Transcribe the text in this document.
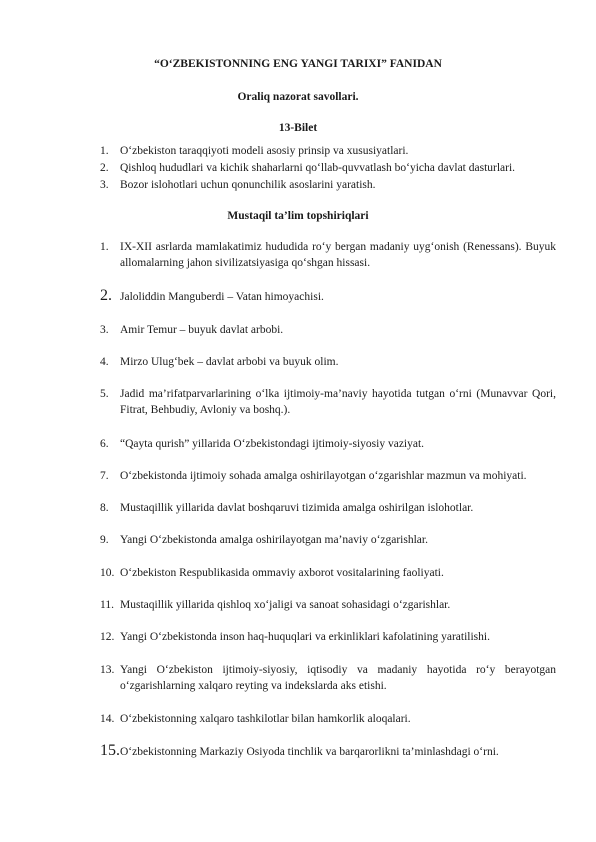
“O‘ZBEKISTONNING ENG YANGI TARIXI” FANIDAN
Oraliq nazorat savollari.
13-Bilet
1. O‘zbekiston taraqqiyoti modeli asosiy prinsip va xususiyatlari.
2. Qishloq hududlari va kichik shaharlarni qo‘llab-quvvatlash bo‘yicha davlat dasturlari.
3. Bozor islohotlari uchun qonunchilik asoslarini yaratish.
Mustaqil ta’lim topshiriqlari
1. IX-XII asrlarda mamlakatimiz hududida ro‘y bergan madaniy uyg‘onish (Renessans). Buyuk allomalarning jahon sivilizatsiyasiga qo‘shgan hissasi.
2. Jaloliddin Manguberdi – Vatan himoyachisi.
3. Amir Temur – buyuk davlat arbobi.
4. Mirzo Ulug‘bek – davlat arbobi va buyuk olim.
5. Jadid ma’rifatparvarlarining o‘lka ijtimoiy-ma’naviy hayotida tutgan o‘rni (Munavvar Qori, Fitrat, Behbudiy, Avloniy va boshq.).
6. “Qayta qurish” yillarida O‘zbekistondagi ijtimoiy-siyosiy vaziyat.
7. O‘zbekistonda ijtimoiy sohada amalga oshirilayotgan o‘zgarishlar mazmun va mohiyati.
8. Mustaqillik yillarida davlat boshqaruvi tizimida amalga oshirilgan islohotlar.
9. Yangi O‘zbekistonda amalga oshirilayotgan ma’naviy o‘zgarishlar.
10. O‘zbekiston Respublikasida ommaviy axborot vositalarining faoliyati.
11. Mustaqillik yillarida qishloq xo‘jaligi va sanoat sohasidagi o‘zgarishlar.
12. Yangi O‘zbekistonda inson haq-huquqlari va erkinliklari kafolatining yaratilishi.
13. Yangi O‘zbekiston ijtimoiy-siyosiy, iqtisodiy va madaniy hayotida ro‘y berayotgan o‘zgarishlarning xalqaro reyting va indekslarda aks etishi.
14. O‘zbekistonning xalqaro tashkilotlar bilan hamkorlik aloqalari.
15. O‘zbekistonning Markaziy Osiyoda tinchlik va barqarorlikni ta’minlashdagi o‘rni.
